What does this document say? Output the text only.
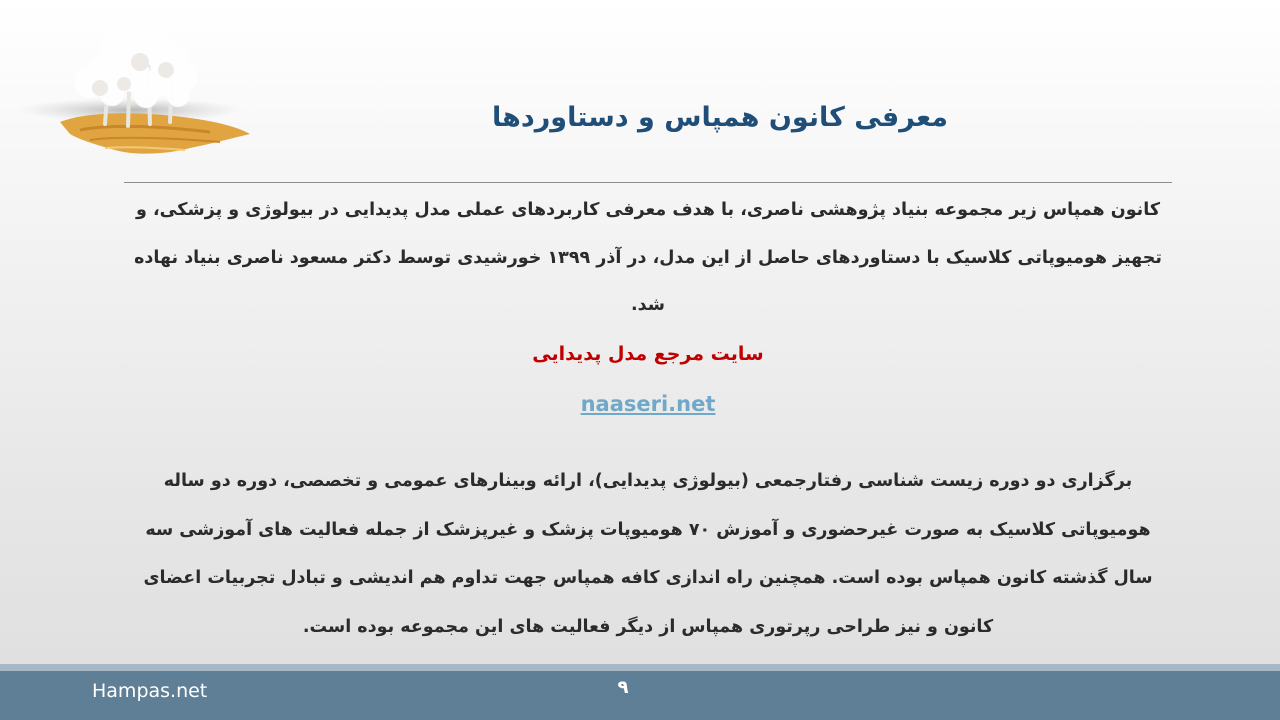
معرفی کانون همپاس و دستاوردها

کانون همپاس زیر مجموعه بنیاد پژوهشی ناصری، با هدف معرفی کاربردهای عملی مدل پدیدایی در بیولوژی و پزشکی، و تجهیز هومیوپاتی کلاسیک با دستاوردهای حاصل از این مدل، در آذر ۱۳۹۹ خورشیدی توسط دکتر مسعود ناصری بنیاد نهاده شد.

سایت مرجع مدل پدیدایی
naaseri.net

برگزاری دو دوره زیست شناسی رفتارجمعی (بیولوژی پدیدایی)، ارائه وبینارهای عمومی و تخصصی، دوره دو ساله هومیوپاتی کلاسیک به صورت غیرحضوری و آموزش ۷۰ هومیوپات پزشک و غیرپزشک از جمله فعالیت های آموزشی سه سال گذشته کانون همپاس بوده است. همچنین راه اندازی کافه همپاس جهت تداوم هم اندیشی و تبادل تجربیات اعضای کانون و نیز طراحی رپرتوری همپاس از دیگر فعالیت های این مجموعه بوده است.

Hampas.net	۹
